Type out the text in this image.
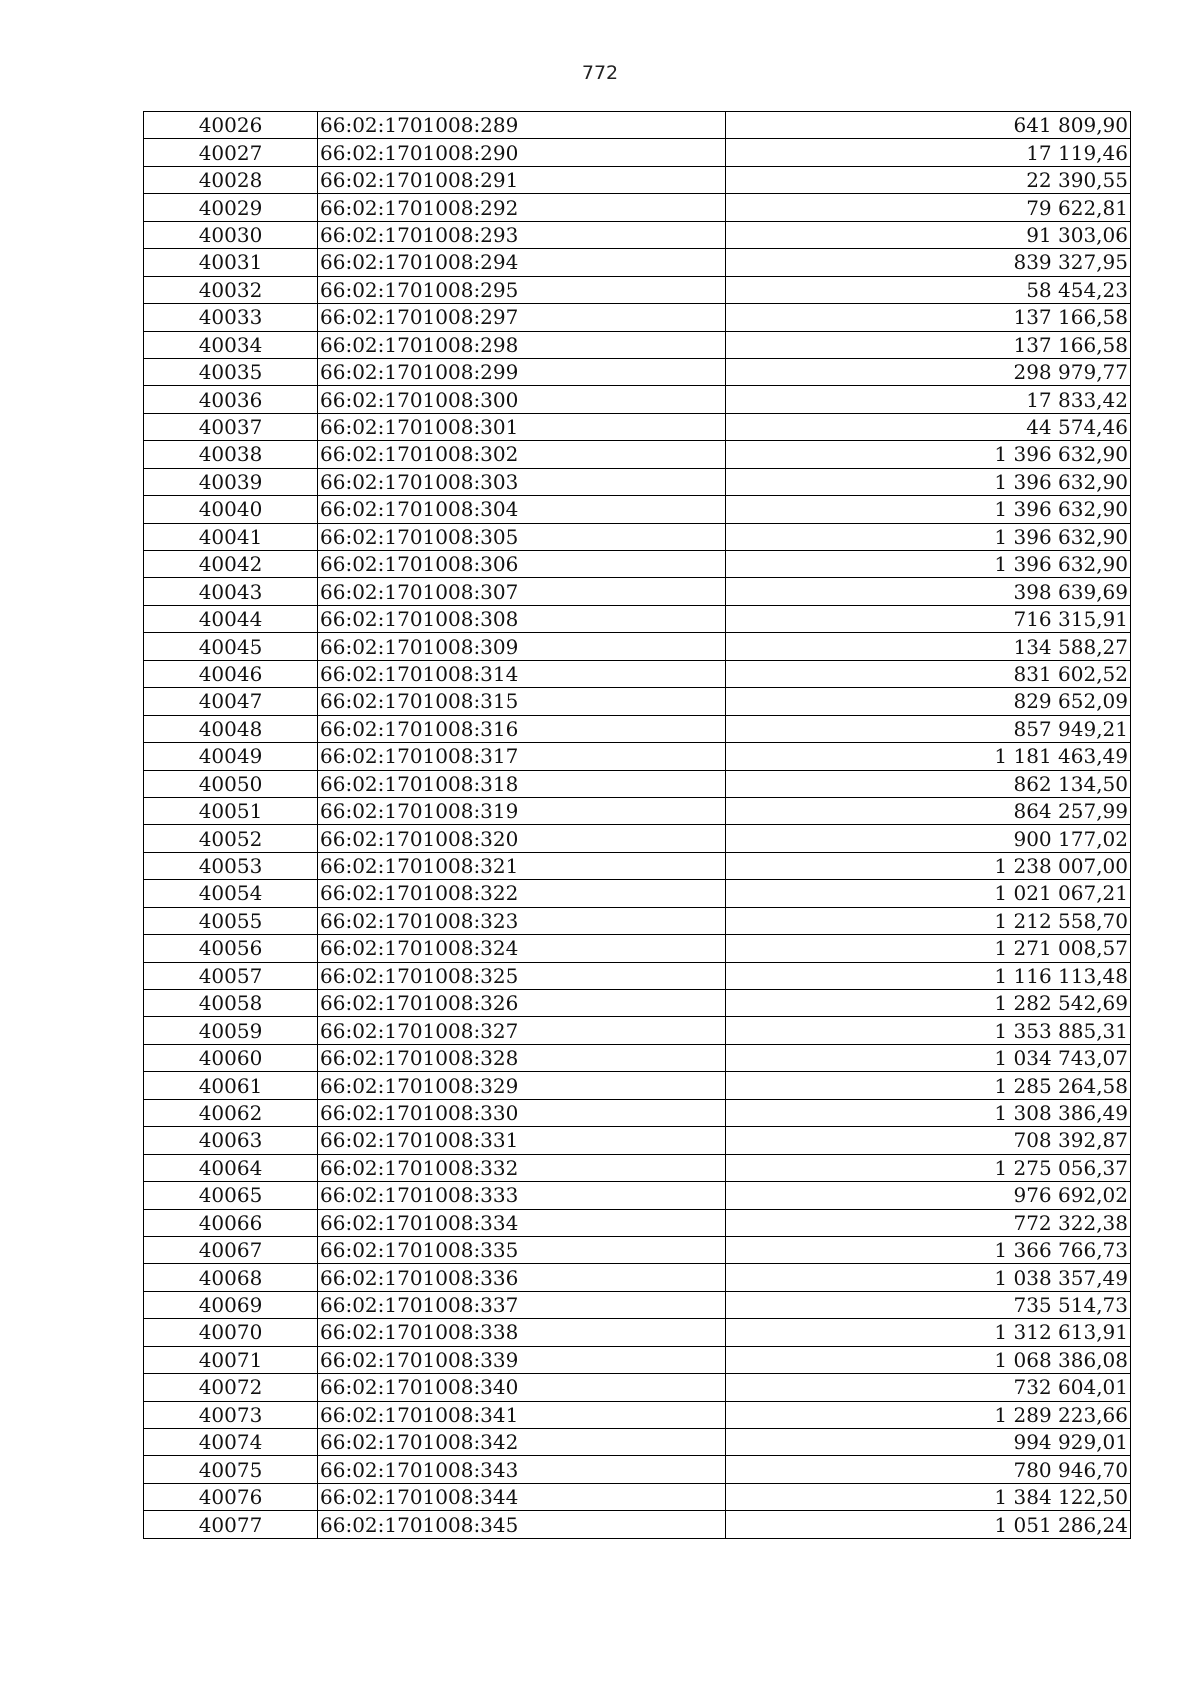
772
40026	66:02:1701008:289	641 809,90
40027	66:02:1701008:290	17 119,46
40028	66:02:1701008:291	22 390,55
40029	66:02:1701008:292	79 622,81
40030	66:02:1701008:293	91 303,06
40031	66:02:1701008:294	839 327,95
40032	66:02:1701008:295	58 454,23
40033	66:02:1701008:297	137 166,58
40034	66:02:1701008:298	137 166,58
40035	66:02:1701008:299	298 979,77
40036	66:02:1701008:300	17 833,42
40037	66:02:1701008:301	44 574,46
40038	66:02:1701008:302	1 396 632,90
40039	66:02:1701008:303	1 396 632,90
40040	66:02:1701008:304	1 396 632,90
40041	66:02:1701008:305	1 396 632,90
40042	66:02:1701008:306	1 396 632,90
40043	66:02:1701008:307	398 639,69
40044	66:02:1701008:308	716 315,91
40045	66:02:1701008:309	134 588,27
40046	66:02:1701008:314	831 602,52
40047	66:02:1701008:315	829 652,09
40048	66:02:1701008:316	857 949,21
40049	66:02:1701008:317	1 181 463,49
40050	66:02:1701008:318	862 134,50
40051	66:02:1701008:319	864 257,99
40052	66:02:1701008:320	900 177,02
40053	66:02:1701008:321	1 238 007,00
40054	66:02:1701008:322	1 021 067,21
40055	66:02:1701008:323	1 212 558,70
40056	66:02:1701008:324	1 271 008,57
40057	66:02:1701008:325	1 116 113,48
40058	66:02:1701008:326	1 282 542,69
40059	66:02:1701008:327	1 353 885,31
40060	66:02:1701008:328	1 034 743,07
40061	66:02:1701008:329	1 285 264,58
40062	66:02:1701008:330	1 308 386,49
40063	66:02:1701008:331	708 392,87
40064	66:02:1701008:332	1 275 056,37
40065	66:02:1701008:333	976 692,02
40066	66:02:1701008:334	772 322,38
40067	66:02:1701008:335	1 366 766,73
40068	66:02:1701008:336	1 038 357,49
40069	66:02:1701008:337	735 514,73
40070	66:02:1701008:338	1 312 613,91
40071	66:02:1701008:339	1 068 386,08
40072	66:02:1701008:340	732 604,01
40073	66:02:1701008:341	1 289 223,66
40074	66:02:1701008:342	994 929,01
40075	66:02:1701008:343	780 946,70
40076	66:02:1701008:344	1 384 122,50
40077	66:02:1701008:345	1 051 286,24
